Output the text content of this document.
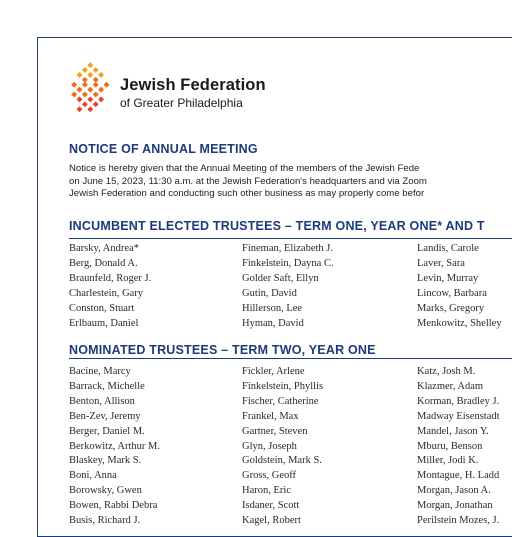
Jewish Federation
of Greater Philadelphia
NOTICE OF ANNUAL MEETING
Notice is hereby given that the Annual Meeting of the members of the Jewish Fede
on June 15, 2023, 11:30 a.m. at the Jewish Federation's headquarters and via Zoom
Jewish Federation and conducting such other business as may properly come befor
INCUMBENT ELECTED TRUSTEES – TERM ONE, YEAR ONE* AND T
Barsky, Andrea*
Berg, Donald A.
Braunfeld, Roger J.
Charlestein, Gary
Conston, Stuart
Erlbaum, Daniel
Fineman, Elizabeth J.
Finkelstein, Dayna C.
Golder Saft, Ellyn
Gutin, David
Hillerson, Lee
Hyman, David
Landis, Carole
Laver, Sara
Levin, Murray
Lincow, Barbara
Marks, Gregory
Menkowitz, Shelley
NOMINATED TRUSTEES – TERM TWO, YEAR ONE
Bacine, Marcy
Barrack, Michelle
Benton, Allison
Ben-Zev, Jeremy
Berger, Daniel M.
Berkowitz, Arthur M.
Blaskey, Mark S.
Boni, Anna
Borowsky, Gwen
Bowen, Rabbi Debra
Busis, Richard J.
Fickler, Arlene
Finkelstein, Phyllis
Fischer, Catherine
Frankel, Max
Gartner, Steven
Glyn, Joseph
Goldstein, Mark S.
Gross, Geoff
Haron, Eric
Isdaner, Scott
Kagel, Robert
Katz, Josh M.
Klazmer, Adam
Korman, Bradley J.
Madway Eisenstadt
Mandel, Jason Y.
Mburu, Benson
Miller, Jodi K.
Montague, H. Ladd
Morgan, Jason A.
Morgan, Jonathan
Perilstein Mozes, J.
